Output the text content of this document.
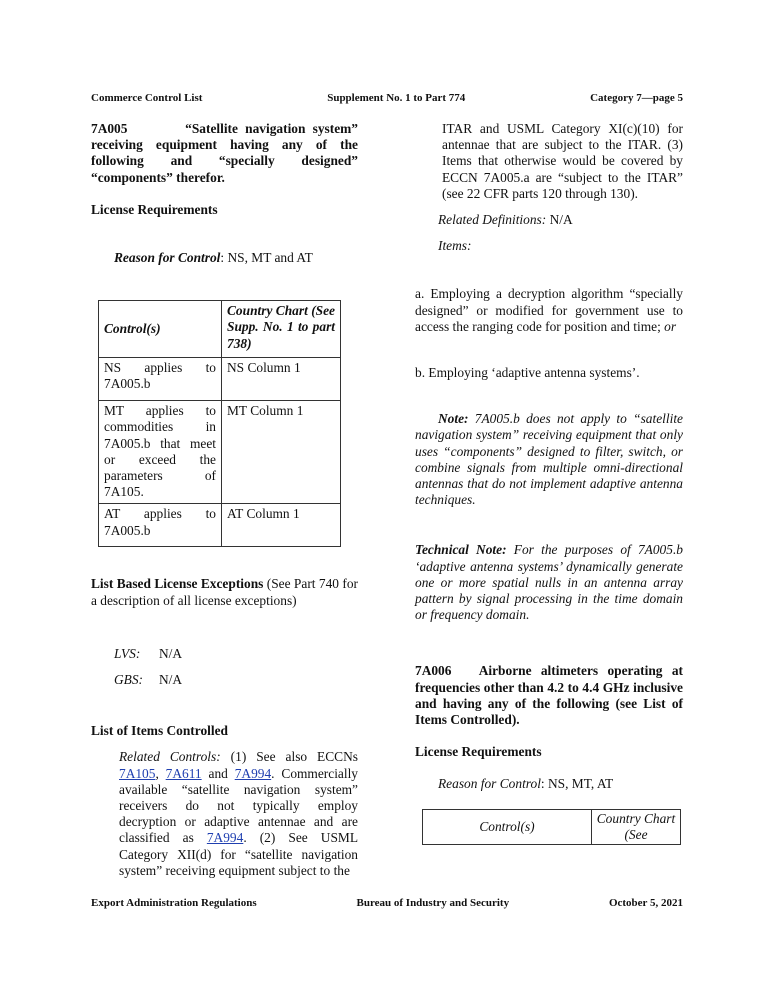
Commerce Control List	Supplement No. 1 to Part 774	Category 7—page 5

7A005	“Satellite navigation system” receiving equipment having any of the following and “specially designed” “components” therefor.

License Requirements

Reason for Control: NS, MT and AT

Control(s)	Country Chart (See Supp. No. 1 to part 738)
NS applies to 7A005.b	NS Column 1
MT applies to commodities in 7A005.b that meet or exceed the parameters of 7A105.	MT Column 1
AT applies to 7A005.b	AT Column 1

List Based License Exceptions (See Part 740 for a description of all license exceptions)

LVS: N/A

GBS: N/A

List of Items Controlled

Related Controls: (1) See also ECCNs 7A105, 7A611 and 7A994. Commercially available “satellite navigation system” receivers do not typically employ decryption or adaptive antennae and are classified as 7A994. (2) See USML Category XII(d) for “satellite navigation system” receiving equipment subject to the

ITAR and USML Category XI(c)(10) for antennae that are subject to the ITAR. (3) Items that otherwise would be covered by ECCN 7A005.a are “subject to the ITAR” (see 22 CFR parts 120 through 130).

Related Definitions: N/A

Items:

a. Employing a decryption algorithm “specially designed” or modified for government use to access the ranging code for position and time; or

b. Employing ‘adaptive antenna systems’.

Note: 7A005.b does not apply to “satellite navigation system” receiving equipment that only uses “components” designed to filter, switch, or combine signals from multiple omni-directional antennas that do not implement adaptive antenna techniques.

Technical Note: For the purposes of 7A005.b ‘adaptive antenna systems’ dynamically generate one or more spatial nulls in an antenna array pattern by signal processing in the time domain or frequency domain.

7A006 Airborne altimeters operating at frequencies other than 4.2 to 4.4 GHz inclusive and having any of the following (see List of Items Controlled).

License Requirements

Reason for Control: NS, MT, AT

Control(s)	Country Chart (See
Export Administration Regulations	Bureau of Industry and Security	October 5, 2021
